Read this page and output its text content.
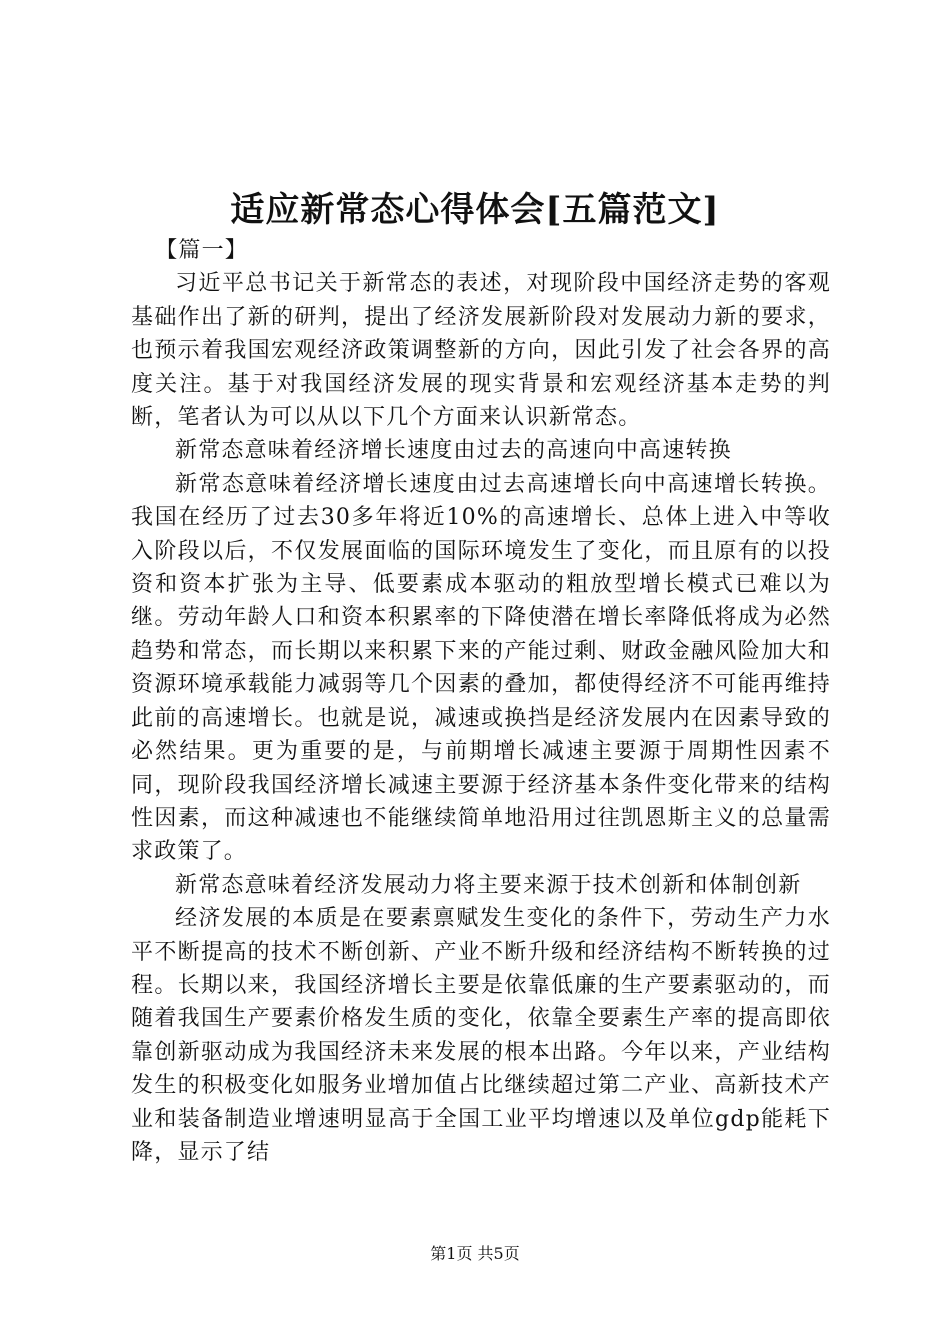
适应新常态心得体会[五篇范文]

【篇一】

习近平总书记关于新常态的表述，对现阶段中国经济走势的客观基础作出了新的研判，提出了经济发展新阶段对发展动力新的要求，也预示着我国宏观经济政策调整新的方向，因此引发了社会各界的高度关注。基于对我国经济发展的现实背景和宏观经济基本走势的判断，笔者认为可以从以下几个方面来认识新常态。

新常态意味着经济增长速度由过去的高速向中高速转换

新常态意味着经济增长速度由过去高速增长向中高速增长转换。我国在经历了过去30多年将近10%的高速增长、总体上进入中等收入阶段以后，不仅发展面临的国际环境发生了变化，而且原有的以投资和资本扩张为主导、低要素成本驱动的粗放型增长模式已难以为继。劳动年龄人口和资本积累率的下降使潜在增长率降低将成为必然趋势和常态，而长期以来积累下来的产能过剩、财政金融风险加大和资源环境承载能力减弱等几个因素的叠加，都使得经济不可能再维持此前的高速增长。也就是说，减速或换挡是经济发展内在因素导致的必然结果。更为重要的是，与前期增长减速主要源于周期性因素不同，现阶段我国经济增长减速主要源于经济基本条件变化带来的结构性因素，而这种减速也不能继续简单地沿用过往凯恩斯主义的总量需求政策了。

新常态意味着经济发展动力将主要来源于技术创新和体制创新

经济发展的本质是在要素禀赋发生变化的条件下，劳动生产力水平不断提高的技术不断创新、产业不断升级和经济结构不断转换的过程。长期以来，我国经济增长主要是依靠低廉的生产要素驱动的，而随着我国生产要素价格发生质的变化，依靠全要素生产率的提高即依靠创新驱动成为我国经济未来发展的根本出路。今年以来，产业结构发生的积极变化如服务业增加值占比继续超过第二产业、高新技术产业和装备制造业增速明显高于全国工业平均增速以及单位gdp能耗下降，显示了结

第1页 共5页
